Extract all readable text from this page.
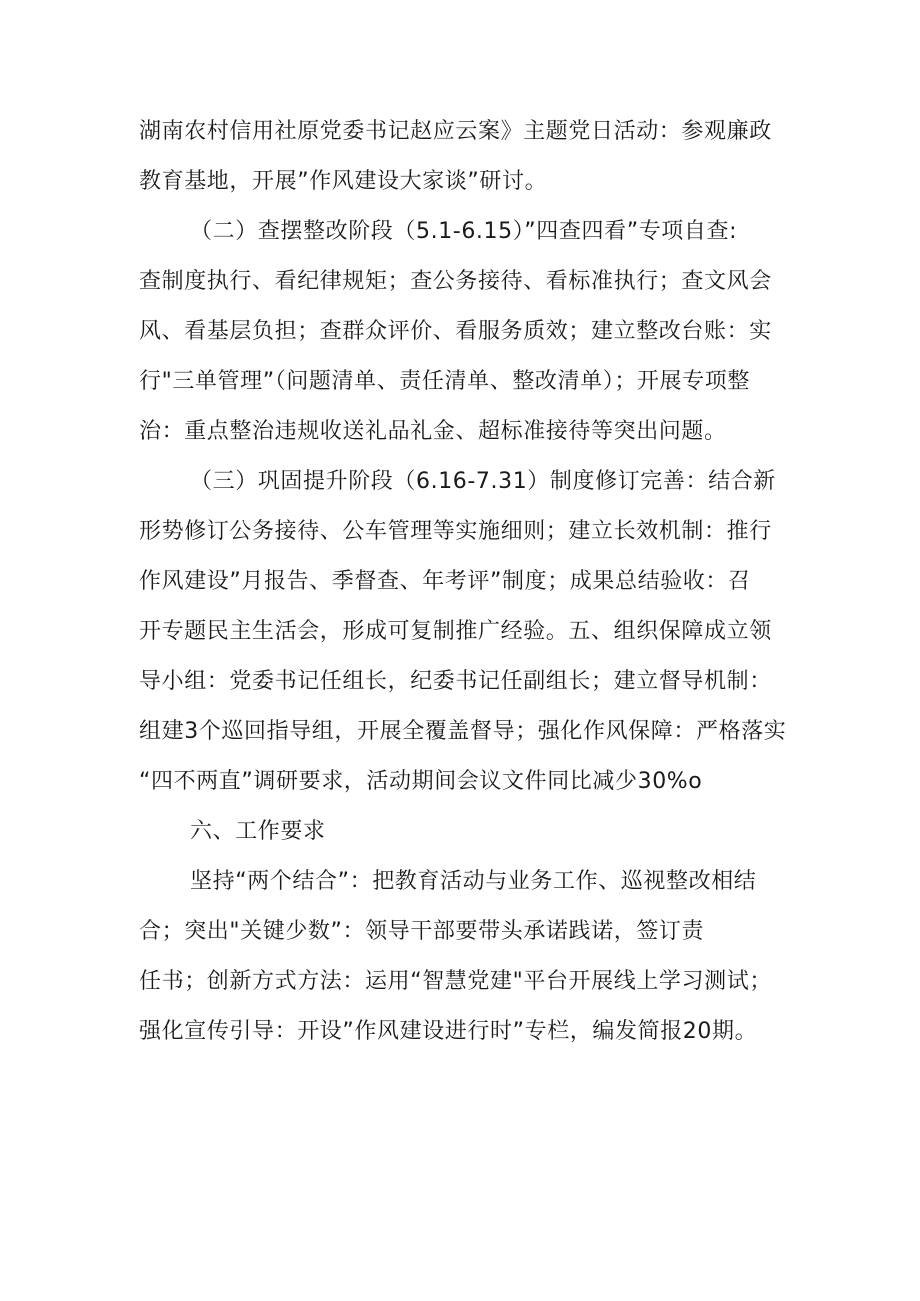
湖南农村信用社原党委书记赵应云案》主题党日活动：参观廉政
教育基地，开展”作风建设大家谈”研讨。
（二）查摆整改阶段（5.1-6.15）”四查四看”专项自查:
查制度执行、看纪律规矩；查公务接待、看标准执行；查文风会
风、看基层负担；查群众评价、看服务质效；建立整改台账：实
行"三单管理”（问题清单、责任清单、整改清单）；开展专项整
治：重点整治违规收送礼品礼金、超标准接待等突出问题。
（三）巩固提升阶段（6.16-7.31）制度修订完善：结合新
形势修订公务接待、公车管理等实施细则；建立长效机制：推行
作风建设”月报告、季督查、年考评”制度；成果总结验收：召
开专题民主生活会，形成可复制推广经验。五、组织保障成立领
导小组：党委书记任组长，纪委书记任副组长；建立督导机制：
组建3个巡回指导组，开展全覆盖督导；强化作风保障：严格落实
“四不两直”调研要求，活动期间会议文件同比减少30%o
六、工作要求
坚持“两个结合”：把教育活动与业务工作、巡视整改相结
合；突出"关键少数”：领导干部要带头承诺践诺，签订责
任书；创新方式方法：运用“智慧党建"平台开展线上学习测试；
强化宣传引导：开设”作风建设进行时”专栏，编发简报20期。
